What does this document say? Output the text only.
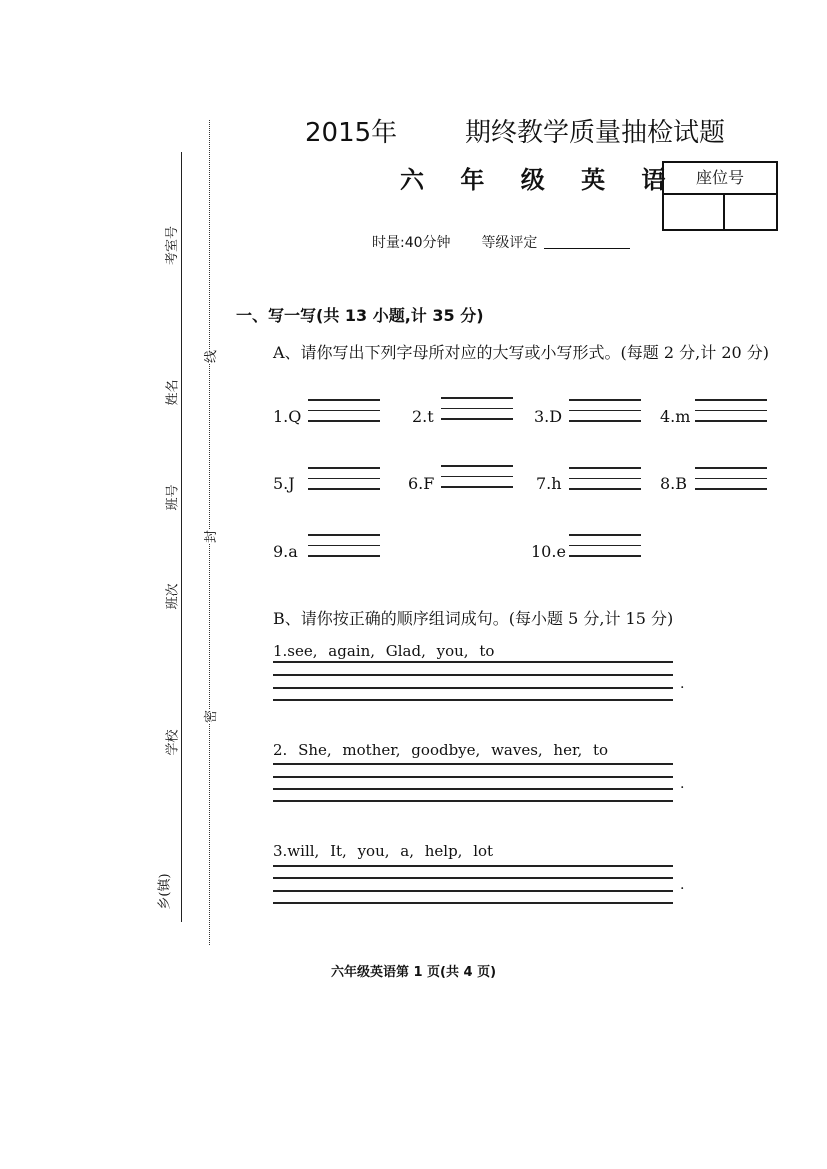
考室号
姓名
班号
班次
学校
乡(镇)
线
封
密
2015年	期终教学质量抽检试题
六 年 级 英 语	座位号
时量:40分钟 等级评定
一、写一写(共 13 小题,计 35 分)
A、请你写出下列字母所对应的大写或小写形式。(每题 2 分,计 20 分)
1.Q	2.t	3.D	4.m
5.J	6.F	7.h	8.B
9.a	10.e
B、请你按正确的顺序组词成句。(每小题 5 分,计 15 分)
1.see, again, Glad, you, to
.
2. She, mother, goodbye, waves, her, to
.
3.will, It, you, a, help, lot
.
六年级英语第 1 页(共 4 页)
